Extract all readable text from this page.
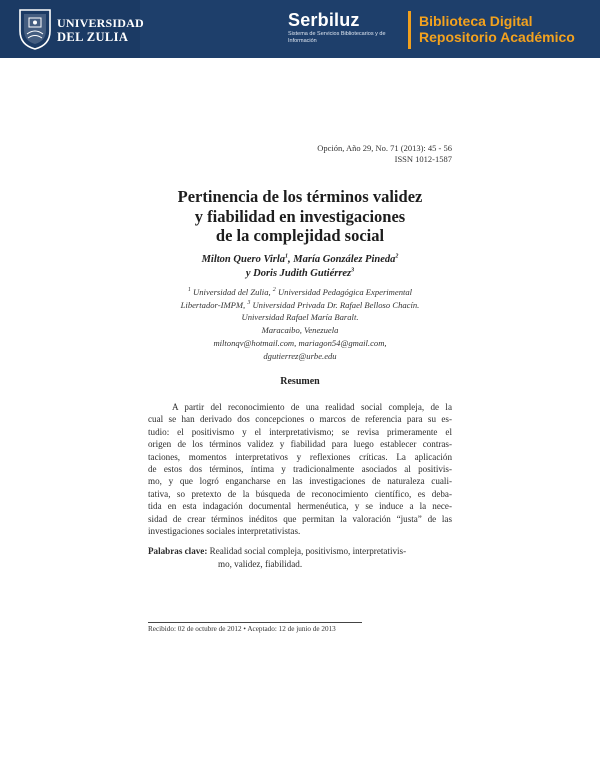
UNIVERSIDAD
DEL ZULIA
Serbiluz
Sistema de Servicios Bibliotecarios y de Información
Biblioteca Digital
Repositorio Académico
Opción, Año 29, No. 71 (2013): 45 - 56
ISSN 1012-1587
Pertinencia de los términos validez
y fiabilidad en investigaciones
de la complejidad social
Milton Quero Virla$^1$, María González Pineda$^2$
y Doris Judith Gutiérrez$^3$
$^1$ Universidad del Zulia, $^2$ Universidad Pedagógica Experimental
Libertador-IMPM, $^3$ Universidad Privada Dr. Rafael Belloso Chacín.
Universidad Rafael María Baralt.
Maracaibo, Venezuela
miltonqv@hotmail.com, mariagon54@gmail.com,
dgutierrez@urbe.edu
Resumen
A partir del reconocimiento de una realidad social compleja, de la
cual se han derivado dos concepciones o marcos de referencia para su es-
tudio: el positivismo y el interpretativismo; se revisa primeramente el
origen de los términos validez y fiabilidad para luego establecer contras-
taciones, momentos interpretativos y reflexiones críticas. La aplicación
de estos dos términos, íntima y tradicionalmente asociados al positivis-
mo, y que logró engancharse en las investigaciones de naturaleza cuali-
tativa, so pretexto de la búsqueda de reconocimiento científico, es deba-
tida en esta indagación documental hermenéutica, y se induce a la nece-
sidad de crear términos inéditos que permitan la valoración “justa” de las
investigaciones sociales interpretativistas.
Palabras clave: Realidad social compleja, positivismo, interpretativis-
mo, validez, fiabilidad.
Recibido: 02 de octubre de 2012 • Aceptado: 12 de junio de 2013
